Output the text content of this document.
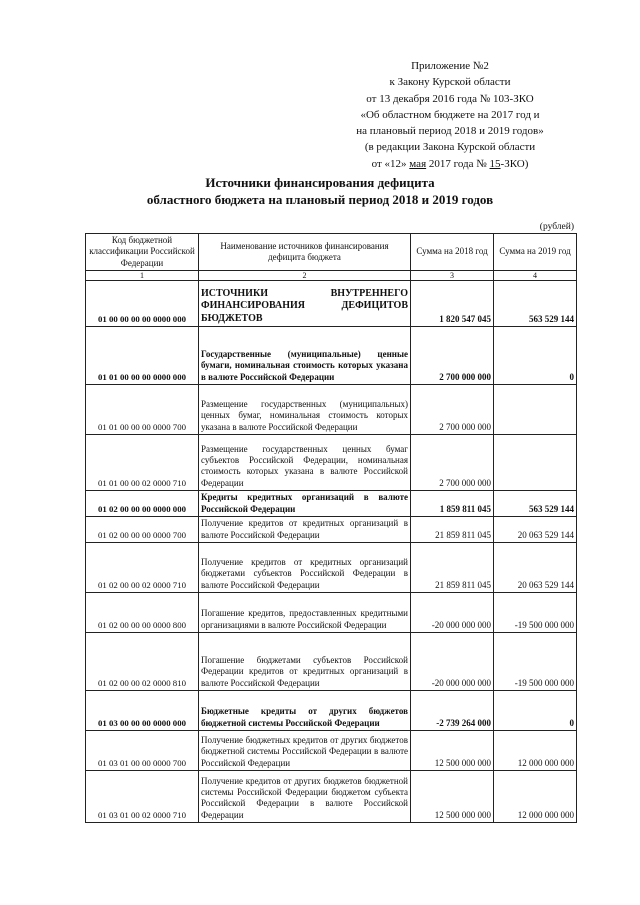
Приложение №2
к Закону Курской области
от 13 декабря 2016 года № 103-ЗКО
«Об областном бюджете на 2017 год и
на плановый период 2018 и 2019 годов»
(в редакции Закона Курской области
от «12» мая 2017 года № 15-ЗКО)
Источники финансирования дефицита
областного бюджета на плановый период 2018 и 2019 годов
(рублей)
Код бюджетной классификации Российской Федерации	Наименование источников финансирования дефицита бюджета	Сумма на 2018 год	Сумма на 2019 год
1	2	3	4
01 00 00 00 00 0000 000	ИСТОЧНИКИ ВНУТРЕННЕГО ФИНАНСИРОВАНИЯ ДЕФИЦИТОВ БЮДЖЕТОВ	1 820 547 045	563 529 144
01 01 00 00 00 0000 000	Государственные (муниципальные) ценные бумаги, номинальная стоимость которых указана в валюте Российской Федерации	2 700 000 000	0
01 01 00 00 00 0000 700	Размещение государственных (муниципальных) ценных бумаг, номинальная стоимость которых указана в валюте Российской Федерации	2 700 000 000	
01 01 00 00 02 0000 710	Размещение государственных ценных бумаг субъектов Российской Федерации, номинальная стоимость которых указана в валюте Российской Федерации	2 700 000 000	
01 02 00 00 00 0000 000	Кредиты кредитных организаций в валюте Российской Федерации	1 859 811 045	563 529 144
01 02 00 00 00 0000 700	Получение кредитов от кредитных организаций в валюте Российской Федерации	21 859 811 045	20 063 529 144
01 02 00 00 02 0000 710	Получение кредитов от кредитных организаций бюджетами субъектов Российской Федерации в валюте Российской Федерации	21 859 811 045	20 063 529 144
01 02 00 00 00 0000 800	Погашение кредитов, предоставленных кредитными организациями в валюте Российской Федерации	-20 000 000 000	-19 500 000 000
01 02 00 00 02 0000 810	Погашение бюджетами субъектов Российской Федерации кредитов от кредитных организаций в валюте Российской Федерации	-20 000 000 000	-19 500 000 000
01 03 00 00 00 0000 000	Бюджетные кредиты от других бюджетов бюджетной системы Российской Федерации	-2 739 264 000	0
01 03 01 00 00 0000 700	Получение бюджетных кредитов от других бюджетов бюджетной системы Российской Федерации в валюте Российской Федерации	12 500 000 000	12 000 000 000
01 03 01 00 02 0000 710	Получение кредитов от других бюджетов бюджетной системы Российской Федерации бюджетом субъекта Российской Федерации в валюте Российской Федерации	12 500 000 000	12 000 000 000
